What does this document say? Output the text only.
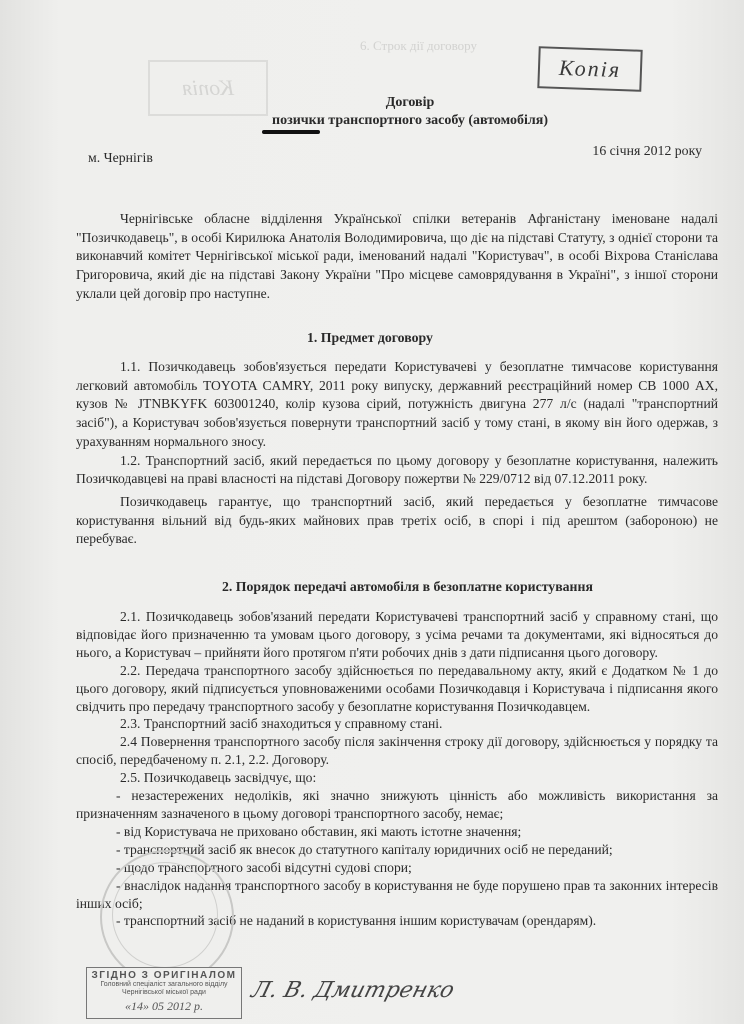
Копія
6. Строк дії договору
Копія
Договір
позички транспортного засобу (автомобіля)
м. Чернігів	16 січня 2012 року
Чернігівське обласне відділення Української спілки ветеранів Афганістану іменоване надалі "Позичкодавець", в особі Кирилюка Анатолія Володимировича, що діє на підставі Статуту, з однієї сторони та виконавчий комітет Чернігівської міської ради, іменований надалі "Користувач", в особі Віхрова Станіслава Григоровича, який діє на підставі Закону України "Про місцеве самоврядування в Україні", з іншої сторони уклали цей договір про наступне.
1. Предмет договору
1.1. Позичкодавець зобов'язується передати Користувачеві у безоплатне тимчасове користування легковий автомобіль TOYOTA CAMRY, 2011 року випуску, державний реєстраційний номер СВ 1000 АХ, кузов № JTNBKYFK 603001240, колір кузова сірий, потужність двигуна 277 л/с (надалі "транспортний засіб"), а Користувач зобов'язується повернути транспортний засіб у тому стані, в якому він його одержав, з урахуванням нормального зносу.
1.2. Транспортний засіб, який передається по цьому договору у безоплатне користування, належить Позичкодавцеві на праві власності на підставі Договору пожертви № 229/0712 від 07.12.2011 року.
Позичкодавець гарантує, що транспортний засіб, який передається у безоплатне тимчасове користування вільний від будь-яких майнових прав третіх осіб, в спорі і під арештом (забороною) не перебуває.
2. Порядок передачі автомобіля в безоплатне користування
2.1. Позичкодавець зобов'язаний передати Користувачеві транспортний засіб у справному стані, що відповідає його призначенню та умовам цього договору, з усіма речами та документами, які відносяться до нього, а Користувач – прийняти його протягом п'яти робочих днів з дати підписання цього договору.
2.2. Передача транспортного засобу здійснюється по передавальному акту, який є Додатком № 1 до цього договору, який підписується уповноваженими особами Позичкодавця і Користувача і підписання якого свідчить про передачу транспортного засобу у безоплатне користування Позичкодавцем.
2.3. Транспортний засіб знаходиться у справному стані.
2.4 Повернення транспортного засобу після закінчення строку дії договору, здійснюється у порядку та спосіб, передбаченому п. 2.1, 2.2. Договору.
2.5. Позичкодавець засвідчує, що:
- незастережених недоліків, які значно знижують цінність або можливість використання за призначенням зазначеного в цьому договорі транспортного засобу, немає;
- від Користувача не приховано обставин, які мають істотне значення;
- транспортний засіб як внесок до статутного капіталу юридичних осіб не переданий;
- щодо транспортного засобі відсутні судові спори;
- внаслідок надання транспортного засобу в користування не буде порушено прав та законних інтересів інших осіб;
- транспортний засіб не наданий в користування іншим користувачам (орендарям).
ЗГІДНО З ОРИГІНАЛОМ
Головний спеціаліст загального відділу
Чернігівської міської ради
«14» 05 2012 р.
Л. В. Дмитренко
